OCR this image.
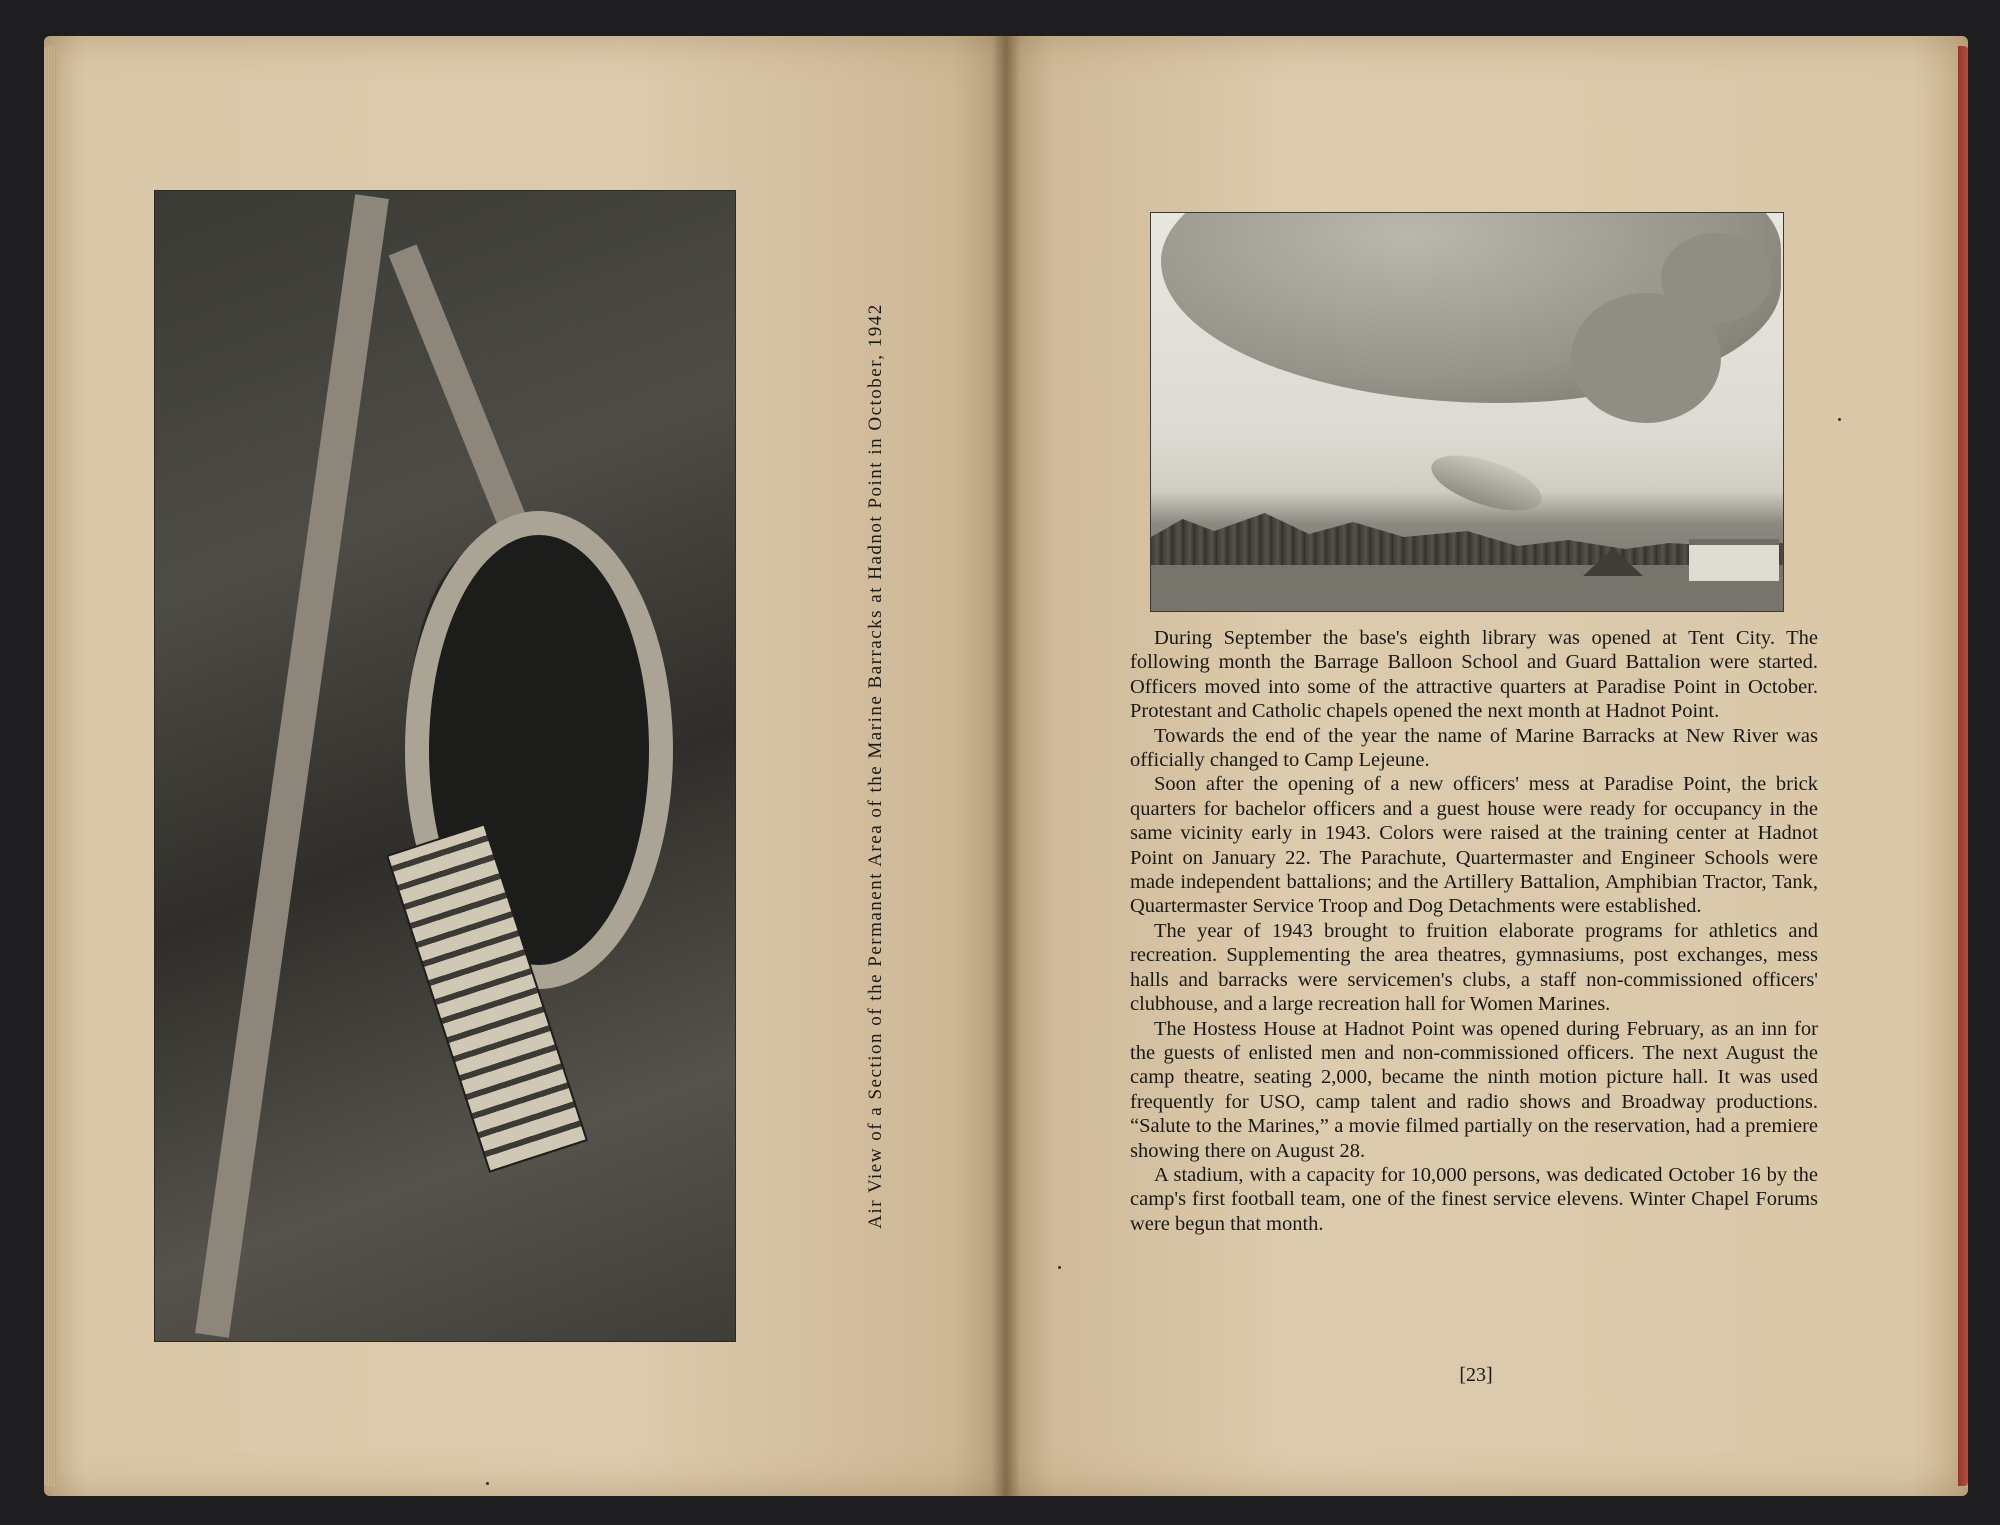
Air View of a Section of the Permanent Area of the Marine Barracks at Hadnot Point in October, 1942	During September the base's eighth library was opened at Tent City. The following month the Barrage Balloon School and Guard Battalion were started. Officers moved into some of the attractive quarters at Paradise Point in October. Protestant and Catholic chapels opened the next month at Hadnot Point.

Towards the end of the year the name of Marine Barracks at New River was officially changed to Camp Lejeune.

Soon after the opening of a new officers' mess at Paradise Point, the brick quarters for bachelor officers and a guest house were ready for occupancy in the same vicinity early in 1943. Colors were raised at the training center at Hadnot Point on January 22. The Parachute, Quartermaster and Engineer Schools were made independent battalions; and the Artillery Battalion, Amphibian Tractor, Tank, Quartermaster Service Troop and Dog Detachments were established.

The year of 1943 brought to fruition elaborate programs for athletics and recreation. Supplementing the area theatres, gymnasiums, post exchanges, mess halls and barracks were servicemen's clubs, a staff non-commissioned officers' clubhouse, and a large recreation hall for Women Marines.

The Hostess House at Hadnot Point was opened during February, as an inn for the guests of enlisted men and non-commissioned officers. The next August the camp theatre, seating 2,000, became the ninth motion picture hall. It was used frequently for USO, camp talent and radio shows and Broadway productions. “Salute to the Marines,” a movie filmed partially on the reservation, had a premiere showing there on August 28.

A stadium, with a capacity for 10,000 persons, was dedicated October 16 by the camp's first football team, one of the finest service elevens. Winter Chapel Forums were begun that month.

[23]
